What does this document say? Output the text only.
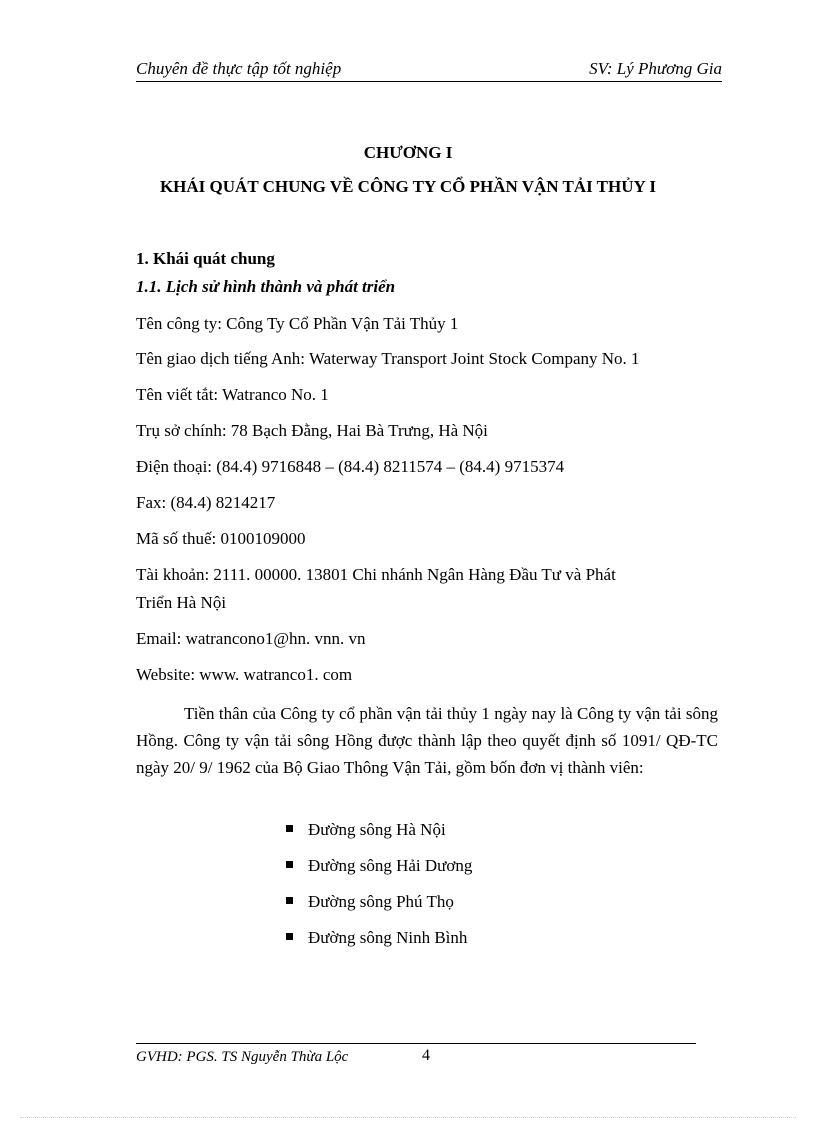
Chuyên đề thực tập tốt nghiệp	SV: Lý Phương Gia
CHƯƠNG I
KHÁI QUÁT CHUNG VỀ CÔNG TY CỔ PHẦN VẬN TẢI THỦY I
1. Khái quát chung
1.1. Lịch sử hình thành và phát triển
Tên công ty: Công Ty Cổ Phần Vận Tải Thủy 1
Tên giao dịch tiếng Anh: Waterway Transport Joint Stock Company No. 1
Tên viết tắt: Watranco No. 1
Trụ sở chính: 78 Bạch Đằng, Hai Bà Trưng, Hà Nội
Điện thoại: (84.4) 9716848 – (84.4) 8211574 – (84.4) 9715374
Fax: (84.4) 8214217
Mã số thuế: 0100109000
Tài khoản: 2111. 00000. 13801 Chi nhánh Ngân Hàng Đầu Tư và Phát
Triển Hà Nội
Email: watrancono1@hn. vnn. vn
Website: www. watranco1. com
Tiền thân của Công ty cổ phần vận tải thủy 1 ngày nay là Công ty vận tải sông Hồng. Công ty vận tải sông Hồng được thành lập theo quyết định số 1091/ QĐ-TC ngày 20/ 9/ 1962 của Bộ Giao Thông Vận Tải, gồm bốn đơn vị thành viên:
Đường sông Hà Nội
Đường sông Hải Dương
Đường sông Phú Thọ
Đường sông Ninh Bình
GVHD: PGS. TS Nguyễn Thừa Lộc	4
